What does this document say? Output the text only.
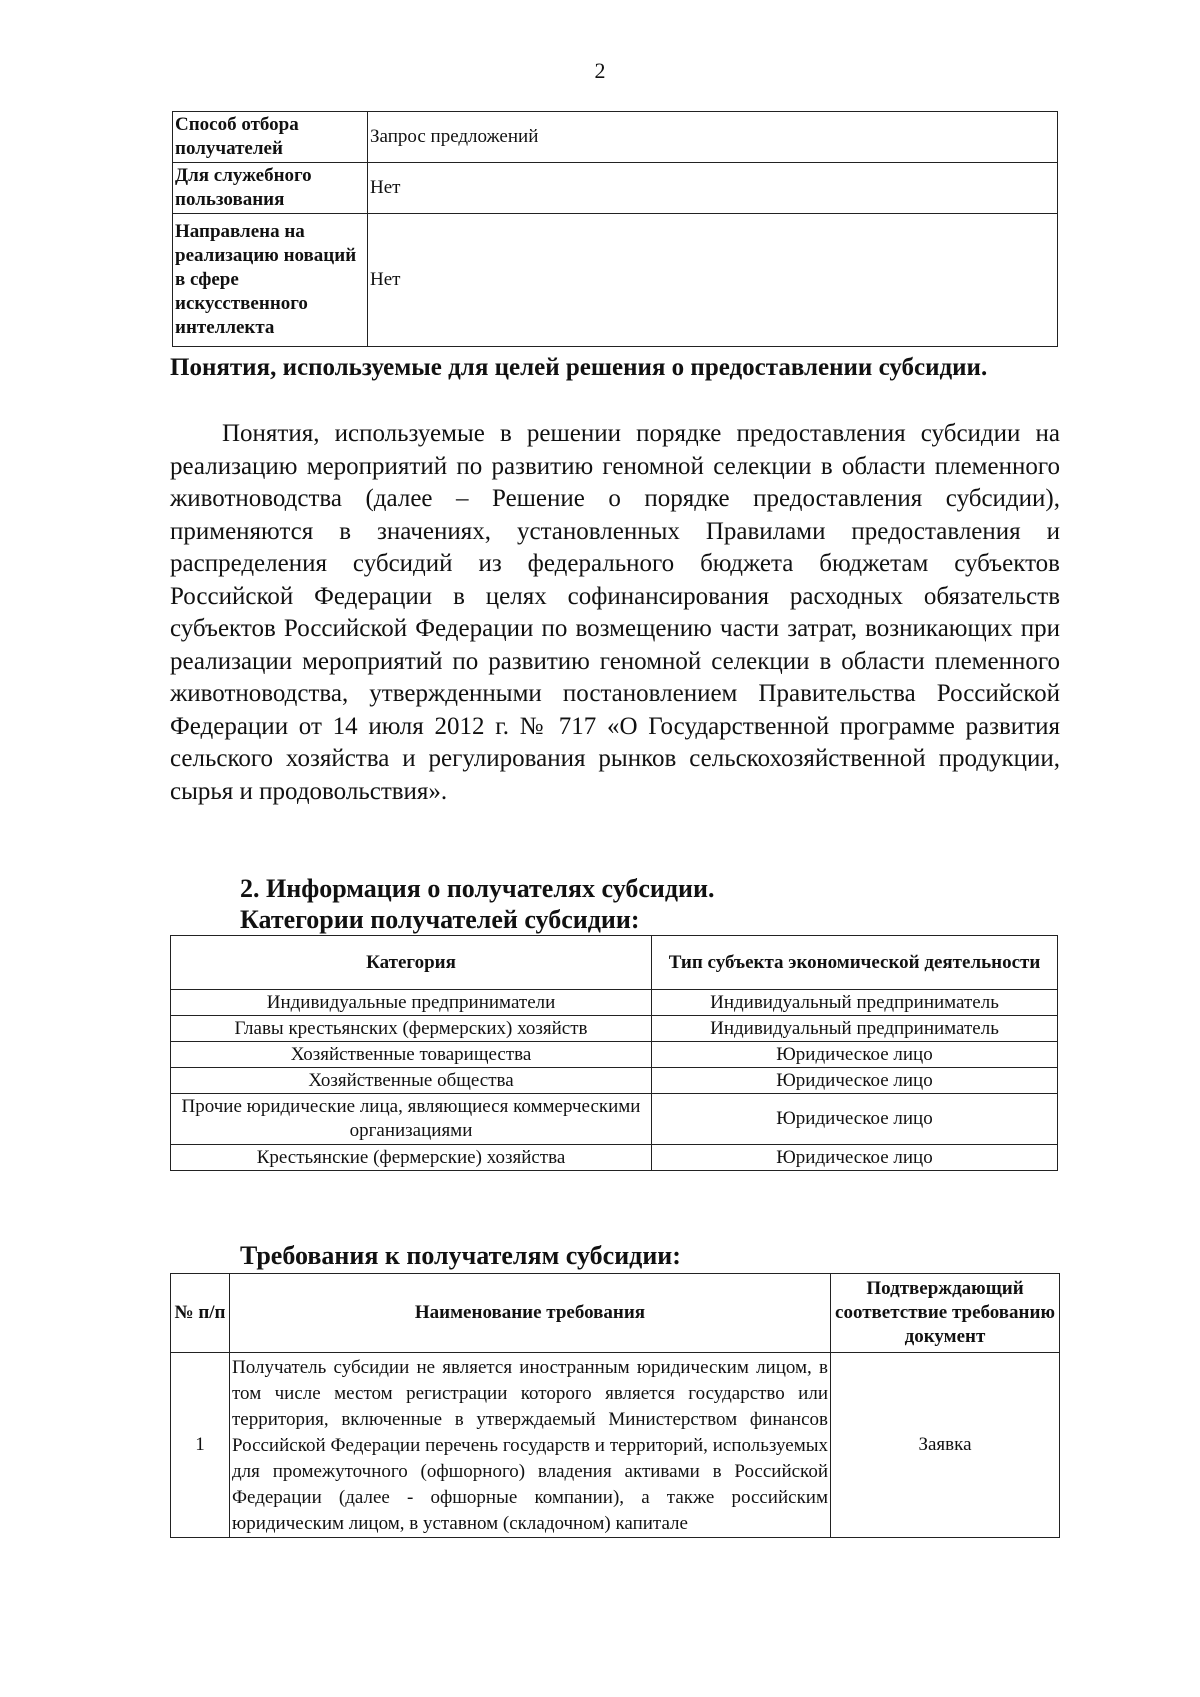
2
Способ отбора получателей	Запрос предложений
Для служебного пользования	Нет
Направлена на реализацию новаций в сфере искусственного интеллекта	Нет
Понятия, используемые для целей решения о предоставлении субсидии.
Понятия, используемые в решении порядке предоставления субсидии на реализацию мероприятий по развитию геномной селекции в области племенного животноводства (далее – Решение о порядке предоставления субсидии), применяются в значениях, установленных Правилами предоставления и распределения субсидий из федерального бюджета бюджетам субъектов Российской Федерации в целях софинансирования расходных обязательств субъектов Российской Федерации по возмещению части затрат, возникающих при реализации мероприятий по развитию геномной селекции в области племенного животноводства, утвержденными постановлением Правительства Российской Федерации от 14 июля 2012 г. № 717 «О Государственной программе развития сельского хозяйства и регулирования рынков сельскохозяйственной продукции, сырья и продовольствия».
2. Информация о получателях субсидии.
Категории получателей субсидии:
Категория	Тип субъекта экономической деятельности
Индивидуальные предприниматели	Индивидуальный предприниматель
Главы крестьянских (фермерских) хозяйств	Индивидуальный предприниматель
Хозяйственные товарищества	Юридическое лицо
Хозяйственные общества	Юридическое лицо
Прочие юридические лица, являющиеся коммерческими организациями	Юридическое лицо
Крестьянские (фермерские) хозяйства	Юридическое лицо
Требования к получателям субсидии:
№ п/п	Наименование требования	Подтверждающий соответствие требованию документ
1	Получатель субсидии не является иностранным юридическим лицом, в том числе местом регистрации которого является государство или территория, включенные в утверждаемый Министерством финансов Российской Федерации перечень государств и территорий, используемых для промежуточного (офшорного) владения активами в Российской Федерации (далее - офшорные компании), а также российским юридическим лицом, в уставном (складочном) капитале	Заявка
